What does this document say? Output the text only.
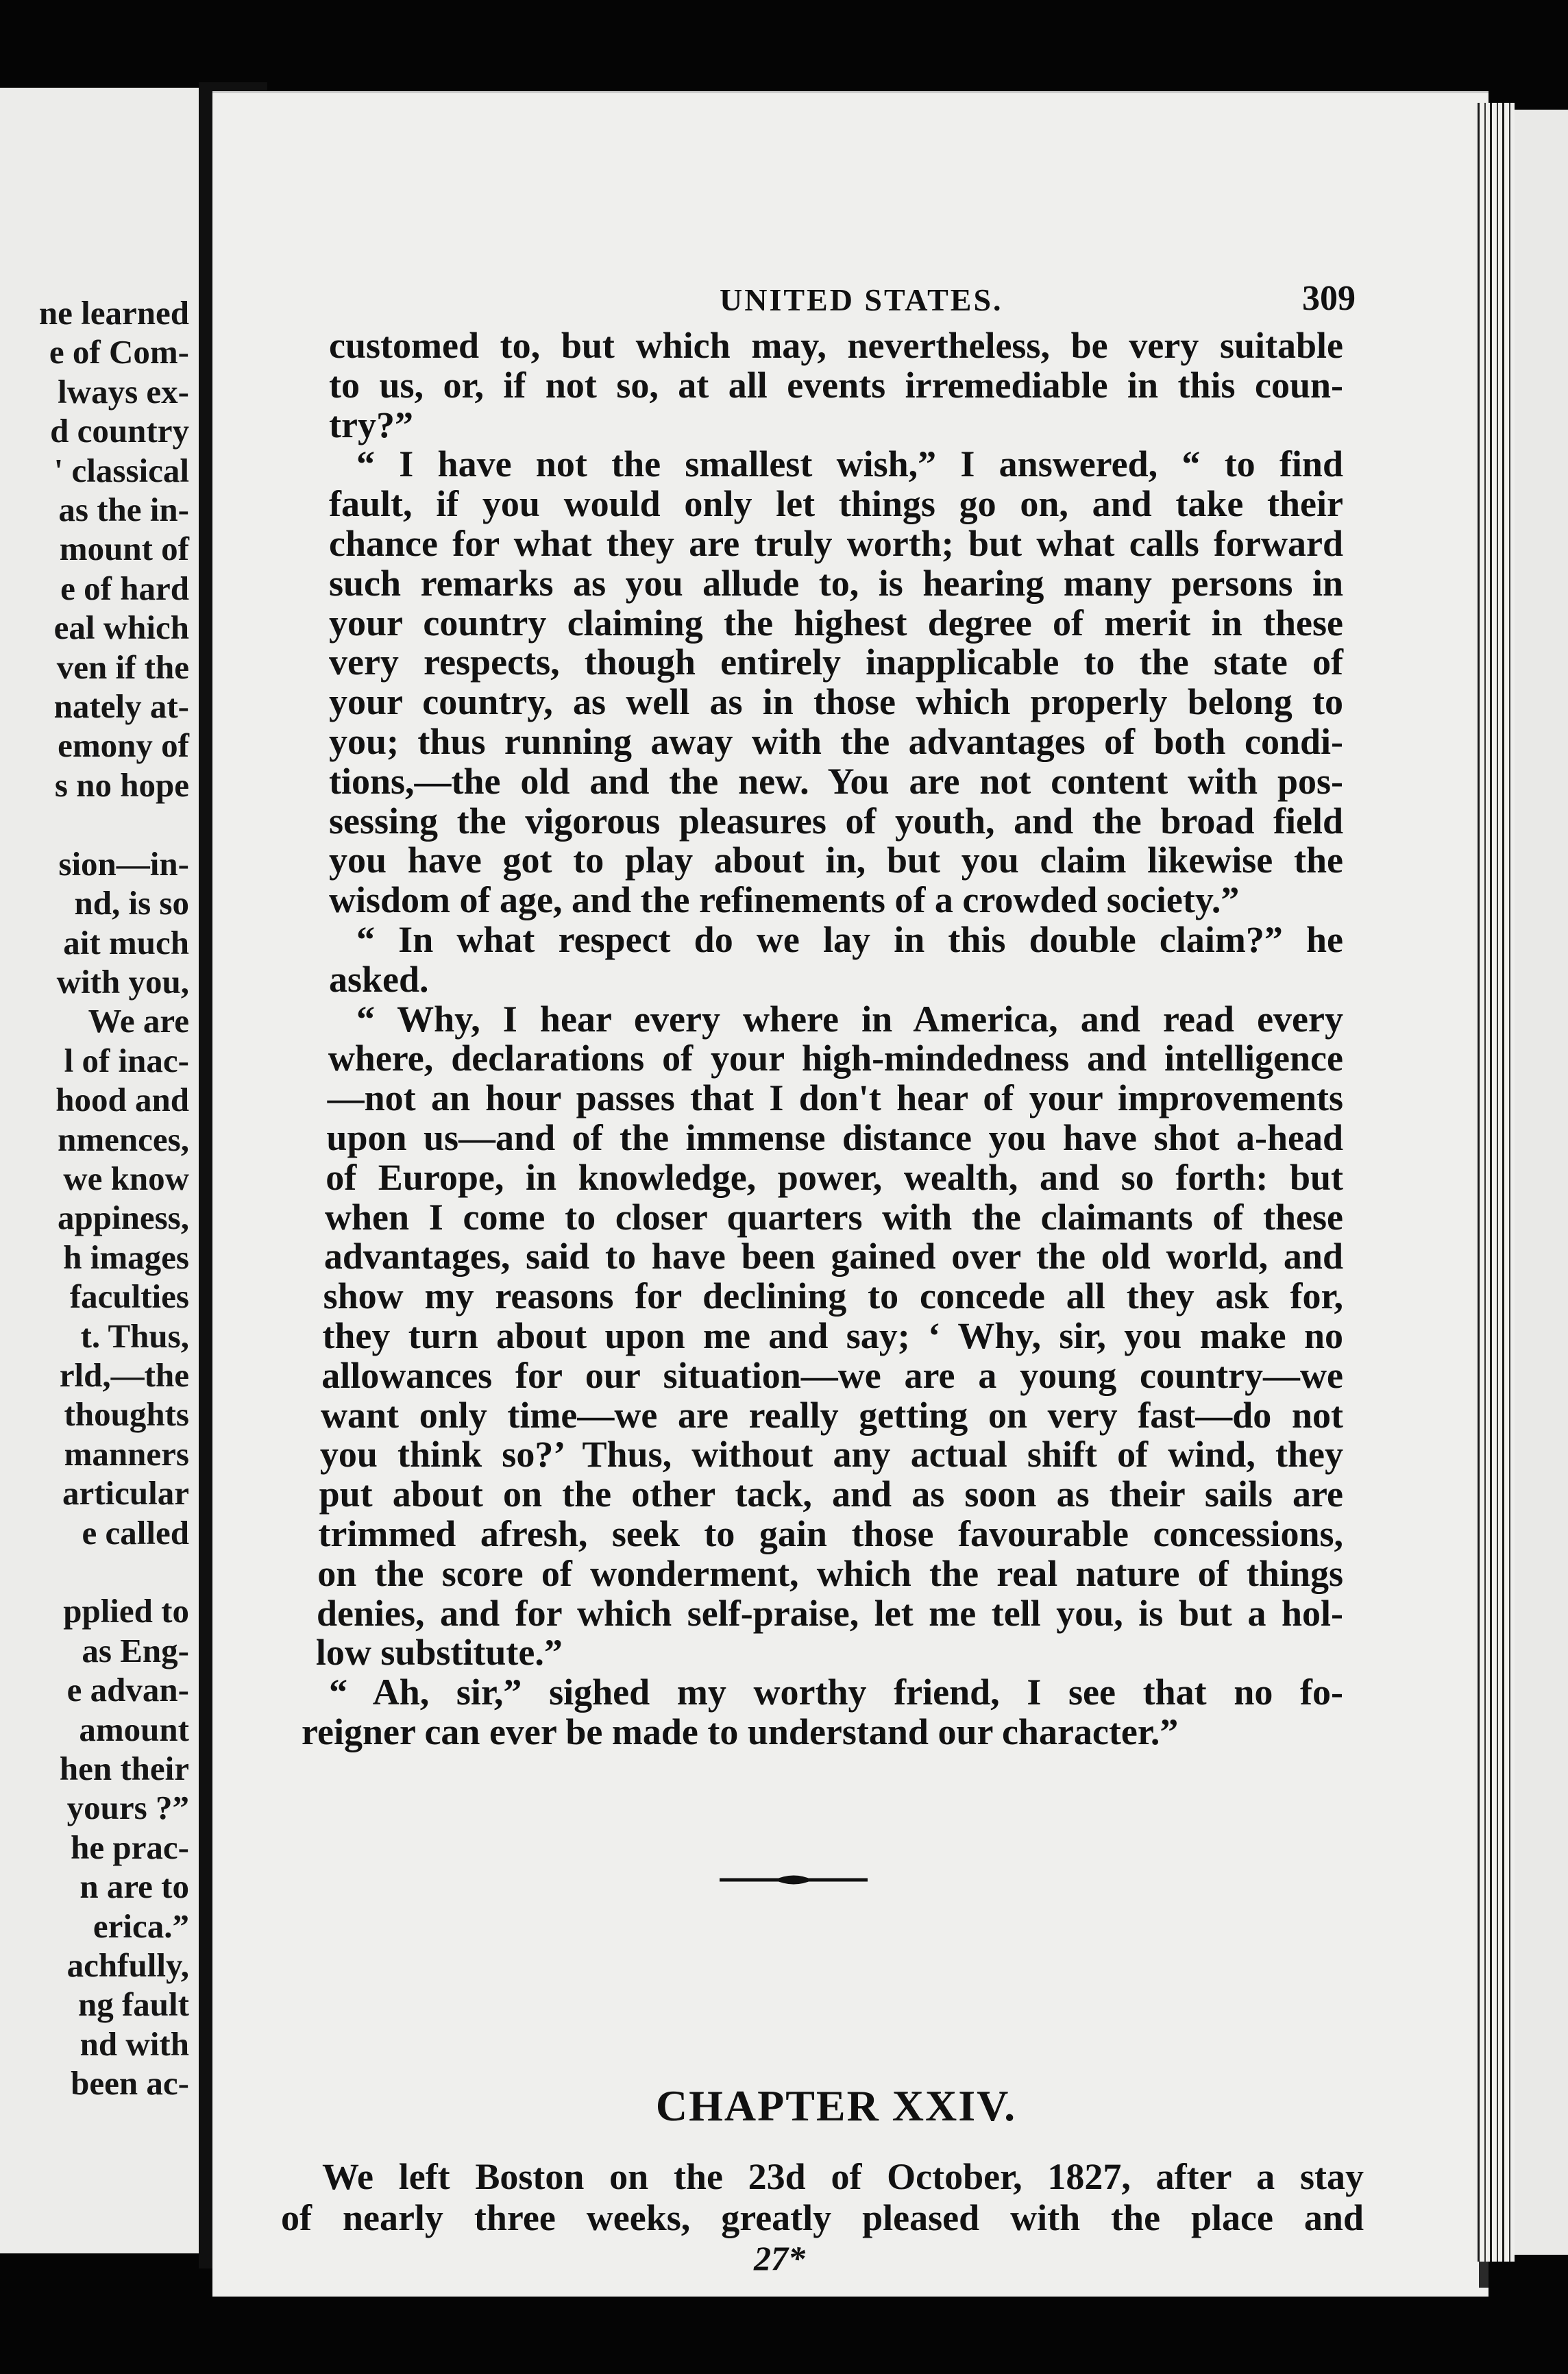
ne learned
e of Com-
lways ex-
d country
' classical
as the in-
mount of
e of hard
eal which
ven if the
nately at-
emony of
s no hope

sion—in-
nd, is so
ait much
with you,
We are
l of inac-
hood and
nmences,
we know
appiness,
h images
faculties
t. Thus,
rld,—the
thoughts
manners
articular
e called

pplied to
as Eng-
e advan-
amount
hen their
yours ?”
he prac-
n are to
erica.”
achfully,
ng fault
nd with
been ac-
UNITED STATES.	309
customed to, but which may, nevertheless, be very suitable
to us, or, if not so, at all events irremediable in this coun-
try?”
“ I have not the smallest wish,” I answered, “ to find
fault, if you would only let things go on, and take their
chance for what they are truly worth; but what calls forward
such remarks as you allude to, is hearing many persons in
your country claiming the highest degree of merit in these
very respects, though entirely inapplicable to the state of
your country, as well as in those which properly belong to
you; thus running away with the advantages of both condi-
tions,—the old and the new. You are not content with pos-
sessing the vigorous pleasures of youth, and the broad field
you have got to play about in, but you claim likewise the
wisdom of age, and the refinements of a crowded society.”
“ In what respect do we lay in this double claim?” he
asked.
“ Why, I hear every where in America, and read every
where, declarations of your high-mindedness and intelligence
—not an hour passes that I don't hear of your improvements
upon us—and of the immense distance you have shot a-head
of Europe, in knowledge, power, wealth, and so forth: but
when I come to closer quarters with the claimants of these
advantages, said to have been gained over the old world, and
show my reasons for declining to concede all they ask for,
they turn about upon me and say; ‘ Why, sir, you make no
allowances for our situation—we are a young country—we
want only time—we are really getting on very fast—do not
you think so?’ Thus, without any actual shift of wind, they
put about on the other tack, and as soon as their sails are
trimmed afresh, seek to gain those favourable concessions,
on the score of wonderment, which the real nature of things
denies, and for which self-praise, let me tell you, is but a hol-
low substitute.”
“ Ah, sir,” sighed my worthy friend, I see that no fo-
reigner can ever be made to understand our character.”
CHAPTER XXIV.
We left Boston on the 23d of October, 1827, after a stay
of nearly three weeks, greatly pleased with the place and
27*
